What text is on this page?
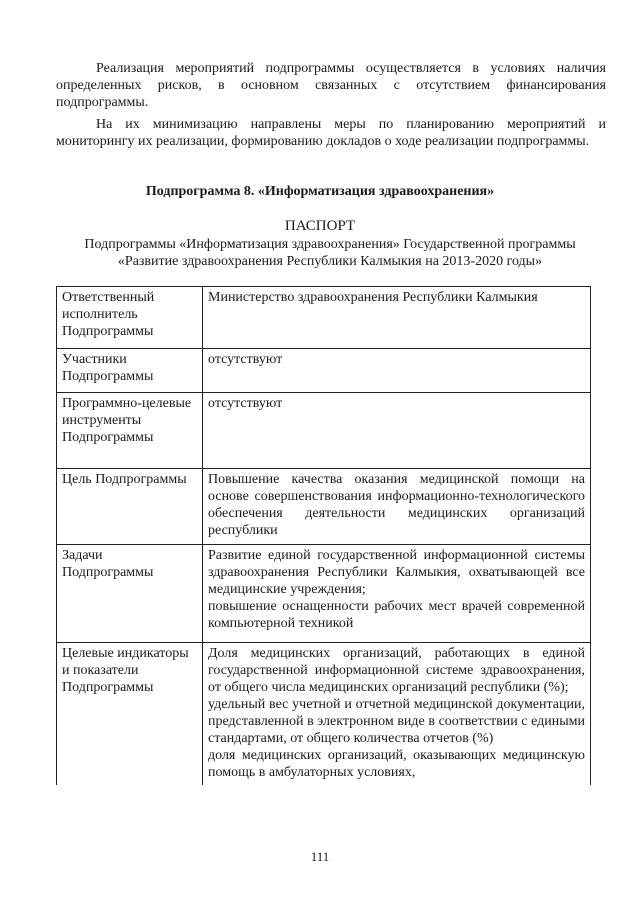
Реализация мероприятий подпрограммы осуществляется в условиях наличия определенных рисков, в основном связанных с отсутствием финансирования подпрограммы.
На их минимизацию направлены меры по планированию мероприятий и мониторингу их реализации, формированию докладов о ходе реализации подпрограммы.
Подпрограмма 8. «Информатизация здравоохранения»
ПАСПОРТ
Подпрограммы «Информатизация здравоохранения» Государственной программы
«Развитие здравоохранения Республики Калмыкия на 2013-2020 годы»
Ответственный исполнитель Подпрограммы	Министерство здравоохранения Республики Калмыкия

Участники Подпрограммы	отсутствуют

Программно-целевые инструменты Подпрограммы	отсутствуют

Цель Подпрограммы	Повышение качества оказания медицинской помощи на основе совершенствования информационно-технологического обеспечения деятельности медицинских организаций республики

Задачи Подпрограммы	Развитие единой государственной информационной системы здравоохранения Республики Калмыкия, охватывающей все медицинские учреждения;
повышение оснащенности рабочих мест врачей современной компьютерной техникой

Целевые индикаторы и показатели Подпрограммы	Доля медицинских организаций, работающих в единой государственной информационной системе здравоохранения, от общего числа медицинских организаций республики (%);
удельный вес учетной и отчетной медицинской документации, представленной в электронном виде в соответствии с едиными стандартами, от общего количества отчетов (%)
доля медицинских организаций, оказывающих медицинскую помощь в амбулаторных условиях,
111
